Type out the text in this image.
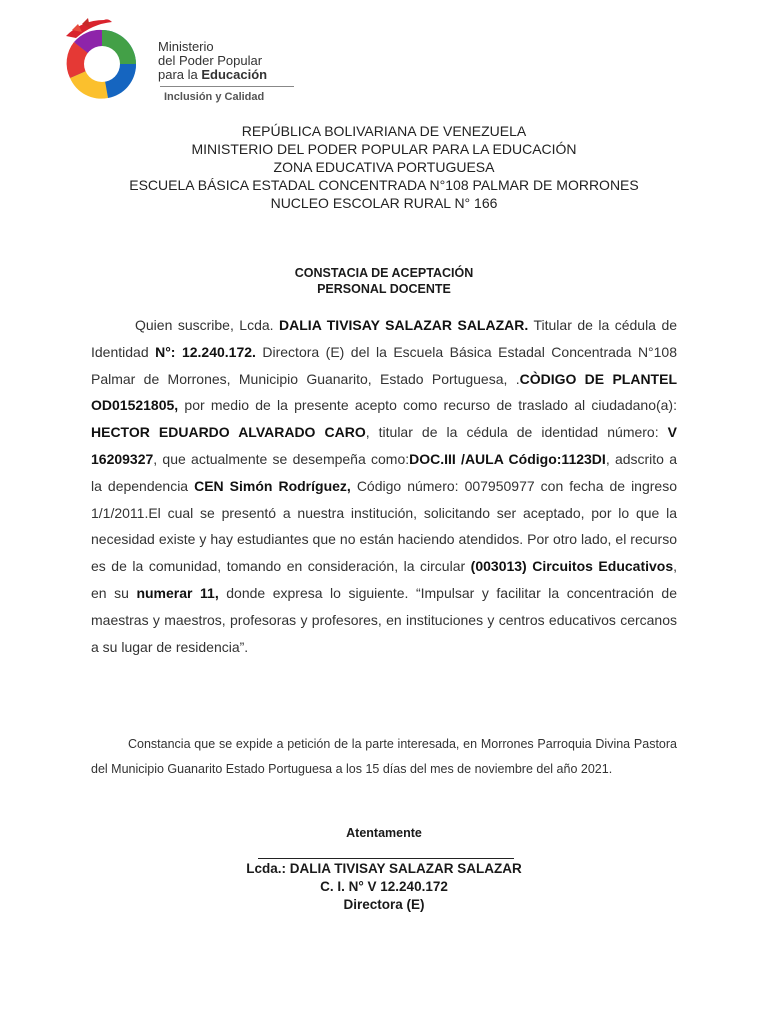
Ministerio
del Poder Popular
para la Educación
Inclusión y Calidad
REPÚBLICA BOLIVARIANA DE VENEZUELA
MINISTERIO DEL PODER POPULAR PARA LA EDUCACIÓN
ZONA EDUCATIVA PORTUGUESA
ESCUELA BÁSICA ESTADAL CONCENTRADA N°108 PALMAR DE MORRONES
NUCLEO ESCOLAR RURAL N° 166
CONSTACIA DE ACEPTACIÓN
PERSONAL DOCENTE
Quien suscribe, Lcda. DALIA TIVISAY SALAZAR SALAZAR. Titular de la cédula de Identidad N°: 12.240.172. Directora (E) del la Escuela Básica Estadal Concentrada N°108 Palmar de Morrones, Municipio Guanarito, Estado Portuguesa, .CÒDIGO DE PLANTEL OD01521805, por medio de la presente acepto como recurso de traslado al ciudadano(a): HECTOR EDUARDO ALVARADO CARO, titular de la cédula de identidad número: V 16209327, que actualmente se desempeña como:DOC.III /AULA Código:1123DI, adscrito a la dependencia CEN Simón Rodríguez, Código número: 007950977 con fecha de ingreso 1/1/2011.El cual se presentó a nuestra institución, solicitando ser aceptado, por lo que la necesidad existe y hay estudiantes que no están haciendo atendidos. Por otro lado, el recurso es de la comunidad, tomando en consideración, la circular (003013) Circuitos Educativos, en su numerar 11, donde expresa lo siguiente. “Impulsar y facilitar la concentración de maestras y maestros, profesoras y profesores, en instituciones y centros educativos cercanos a su lugar de residencia”.
Constancia que se expide a petición de la parte interesada, en Morrones Parroquia Divina Pastora del Municipio Guanarito Estado Portuguesa a los 15 días del mes de noviembre del año 2021.
Atentamente
Lcda.: DALIA TIVISAY SALAZAR SALAZAR
C. I. N° V 12.240.172
Directora (E)
